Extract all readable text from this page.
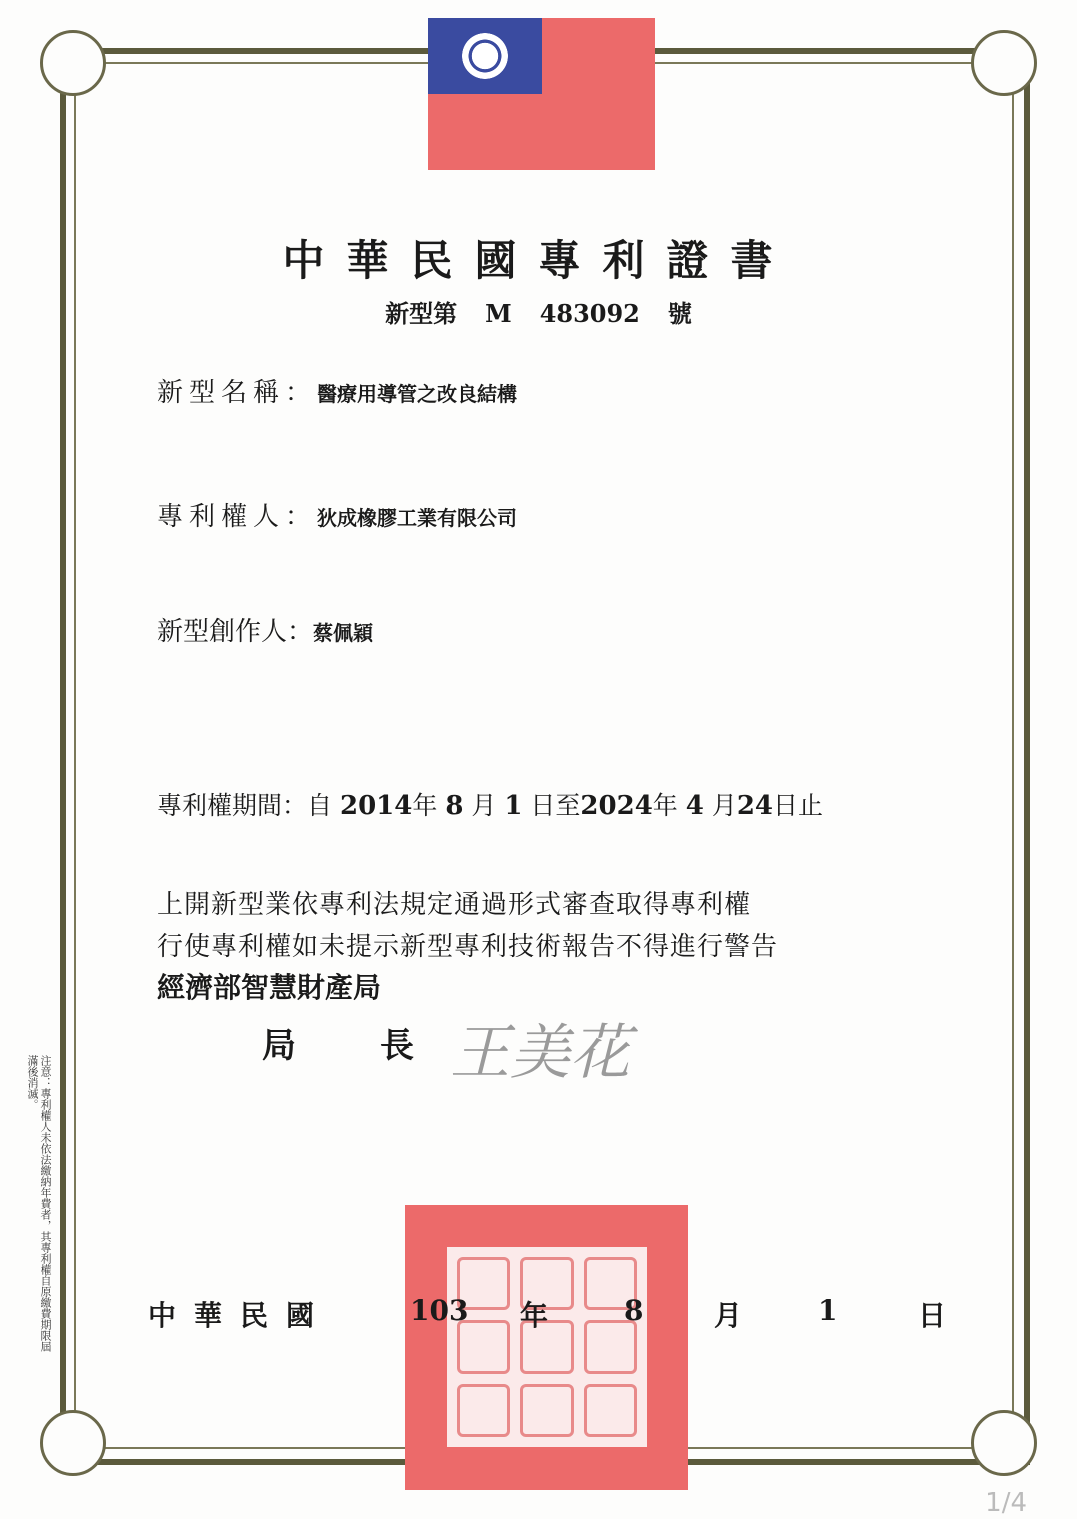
中華民國專利證書
新型第 M 483092 號
新型名稱：醫療用導管之改良結構
專利權人：狄成橡膠工業有限公司
新型創作人：蔡佩穎
專利權期間：自 2014年 8 月 1 日至2024年 4 月24日止
上開新型業依專利法規定通過形式審查取得專利權
行使專利權如未提示新型專利技術報告不得進行警告
經濟部智慧財產局
局長 王美花
注意：專利權人未依法繳納年費者，其專利權自原繳費期限屆滿後消滅。
中華民國	103 年	8	月	1	日
1/4
